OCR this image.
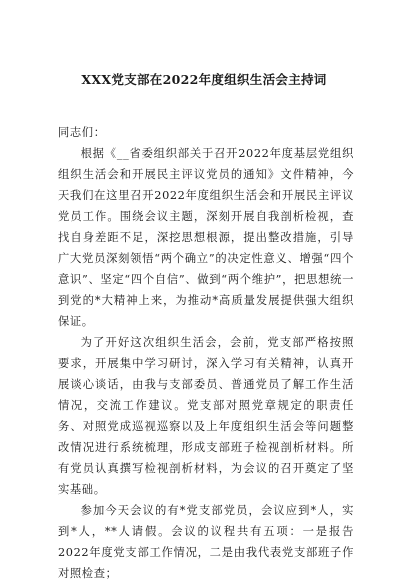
XXX党支部在2022年度组织生活会主持词

同志们：

根据《__省委组织部关于召开2022年度基层党组织组织生活会和开展民主评议党员的通知》文件精神，今天我们在这里召开2022年度组织生活会和开展民主评议党员工作。围绕会议主题，深刻开展自我剖析检视，查找自身差距不足，深挖思想根源，提出整改措施，引导广大党员深刻领悟“两个确立”的决定性意义、增强“四个意识”、坚定“四个自信”、做到“两个维护”，把思想统一到党的*大精神上来，为推动*高质量发展提供强大组织保证。

为了开好这次组织生活会，会前，党支部严格按照要求，开展集中学习研讨，深入学习有关精神，认真开展谈心谈话，由我与支部委员、普通党员了解工作生活情况，交流工作建议。党支部对照党章规定的职责任务、对照党成巡视巡察以及上年度组织生活会等问题整改情况进行系统梳理，形成支部班子检视剖析材料。所有党员认真撰写检视剖析材料，为会议的召开奠定了坚实基础。

参加今天会议的有*党支部党员，会议应到*人，实到*人，**人请假。会议的议程共有五项：一是报告2022年度党支部工作情况，二是由我代表党支部班子作对照检查；
